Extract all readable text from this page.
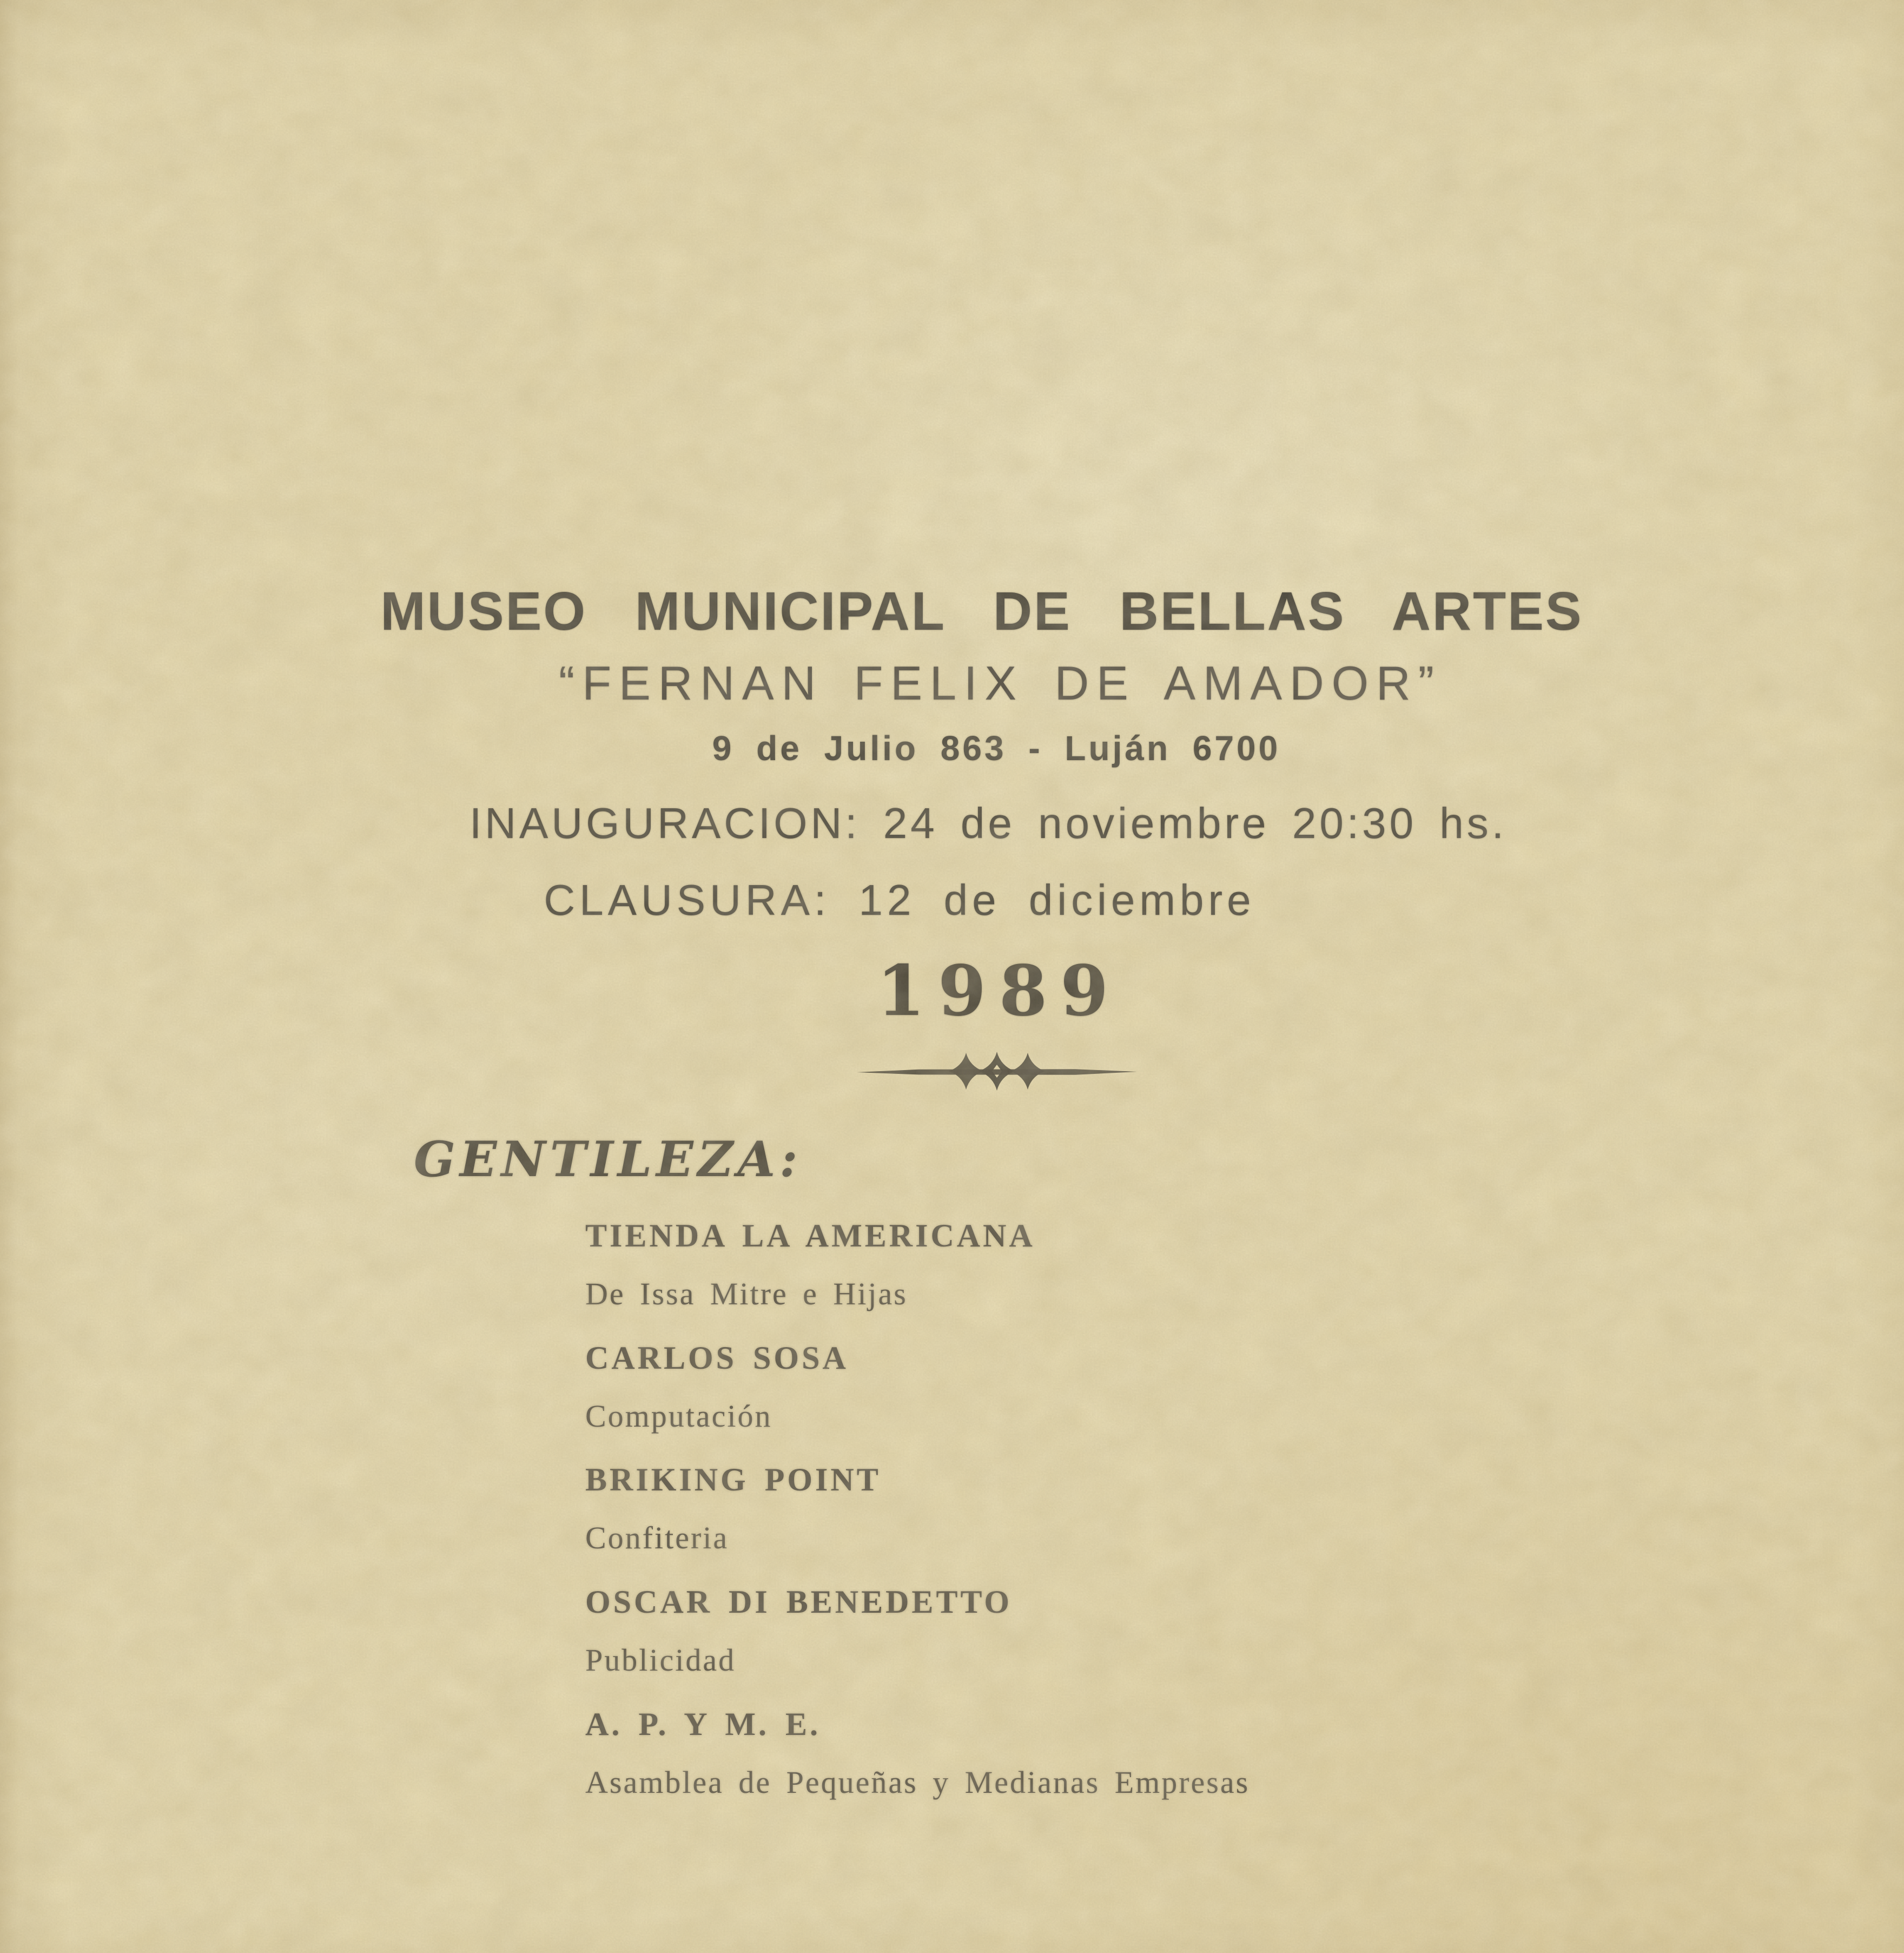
MUSEO MUNICIPAL DE BELLAS ARTES
“FERNAN FELIX DE AMADOR”
9 de Julio 863 - Luján 6700
INAUGURACION: 24 de noviembre 20:30 hs.
CLAUSURA: 12 de diciembre
1989
GENTILEZA:
TIENDA LA AMERICANA
De Issa Mitre e Hijas
CARLOS SOSA
Computación
BRIKING POINT
Confiteria
OSCAR DI BENEDETTO
Publicidad
A. P. Y M. E.
Asamblea de Pequeñas y Medianas Empresas
